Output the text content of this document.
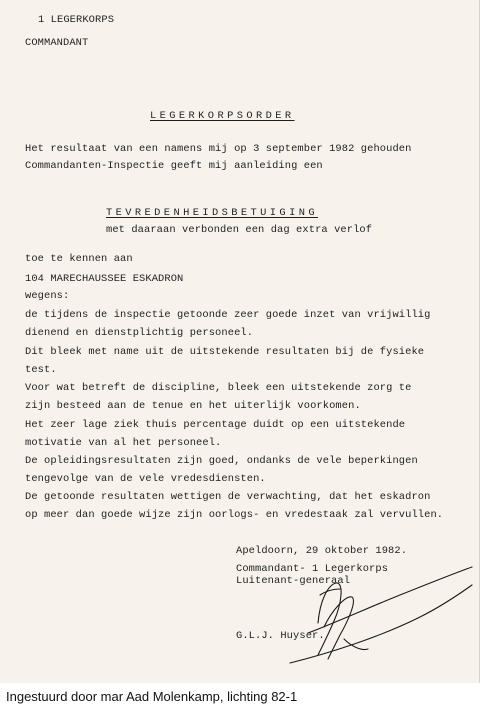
1 LEGERKORPS
COMMANDANT
LEGERKORPSORDER
Het resultaat van een namens mij op 3 september 1982 gehouden
Commandanten-Inspectie geeft mij aanleiding een
TEVREDENHEIDSBETUIGING
met daaraan verbonden een dag extra verlof
toe te kennen aan
104 MARECHAUSSEE ESKADRON
wegens:
de tijdens de inspectie getoonde zeer goede inzet van vrijwillig
dienend en dienstplichtig personeel.
Dit bleek met name uit de uitstekende resultaten bij de fysieke
test.
Voor wat betreft de discipline, bleek een uitstekende zorg te
zijn besteed aan de tenue en het uiterlijk voorkomen.
Het zeer lage ziek thuis percentage duidt op een uitstekende
motivatie van al het personeel.
De opleidingsresultaten zijn goed, ondanks de vele beperkingen
tengevolge van de vele vredesdiensten.
De getoonde resultaten wettigen de verwachting, dat het eskadron
op meer dan goede wijze zijn oorlogs- en vredestaak zal vervullen.
Apeldoorn, 29 oktober 1982.
Commandant- 1 Legerkorps
Luitenant-generaal
G.L.J. Huyser.
Ingestuurd door mar Aad Molenkamp, lichting 82-1
